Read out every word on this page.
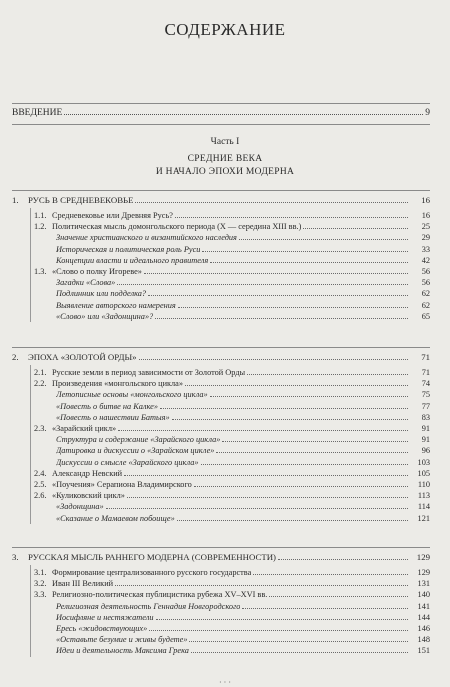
СОДЕРЖАНИЕ
ВВЕДЕНИЕ	9
Часть I
СРЕДНИЕ ВЕКА
И НАЧАЛО ЭПОХИ МОДЕРНА
1.	РУСЬ В СРЕДНЕВЕКОВЬЕ	16
1.1. Средневековье или Древняя Русь?	16
1.2. Политическая мысль домонгольского периода (X — середина XIII вв.)	25
Значение христианского и византийского наследия	29
Историческая и политическая роль Руси	33
Концепции власти и идеального правителя	42
1.3. «Слово о полку Игореве»	56
Загадки «Слова»	56
Подлинник или подделка?	62
Выявление авторского намерения	62
«Слово» или «Задонщина»?	65
2.	ЭПОХА «ЗОЛОТОЙ ОРДЫ»	71
2.1. Русские земли в период зависимости от Золотой Орды	71
2.2. Произведения «монгольского цикла»	74
Летописные основы «монгольского цикла»	75
«Повесть о битве на Калке»	77
«Повесть о нашествии Батыя»	83
2.3. «Зарайский цикл»	91
Структура и содержание «Зарайского цикла»	91
Датировка и дискуссии о «Зарайском цикле»	96
Дискуссии о смысле «Зарайского цикла»	103
2.4. Александр Невский	105
2.5. «Поучения» Серапиона Владимирского	110
2.6. «Куликовский цикл»	113
«Задонщина»	114
«Сказание о Мамаевом побоище»	121
3.	РУССКАЯ МЫСЛЬ РАННЕГО МОДЕРНА (СОВРЕМЕННОСТИ)	129
3.1. Формирование централизованного русского государства	129
3.2. Иван III Великий	131
3.3. Религиозно-политическая публицистика рубежа XV–XVI вв.	140
Религиозная деятельность Геннадия Новгородского	141
Иосифляне и нестяжатели	144
Ересь «жидовствующих»	146
«Оставьте безумие и живы будете»	148
Идеи и деятельность Максима Грека	151
· · ·
